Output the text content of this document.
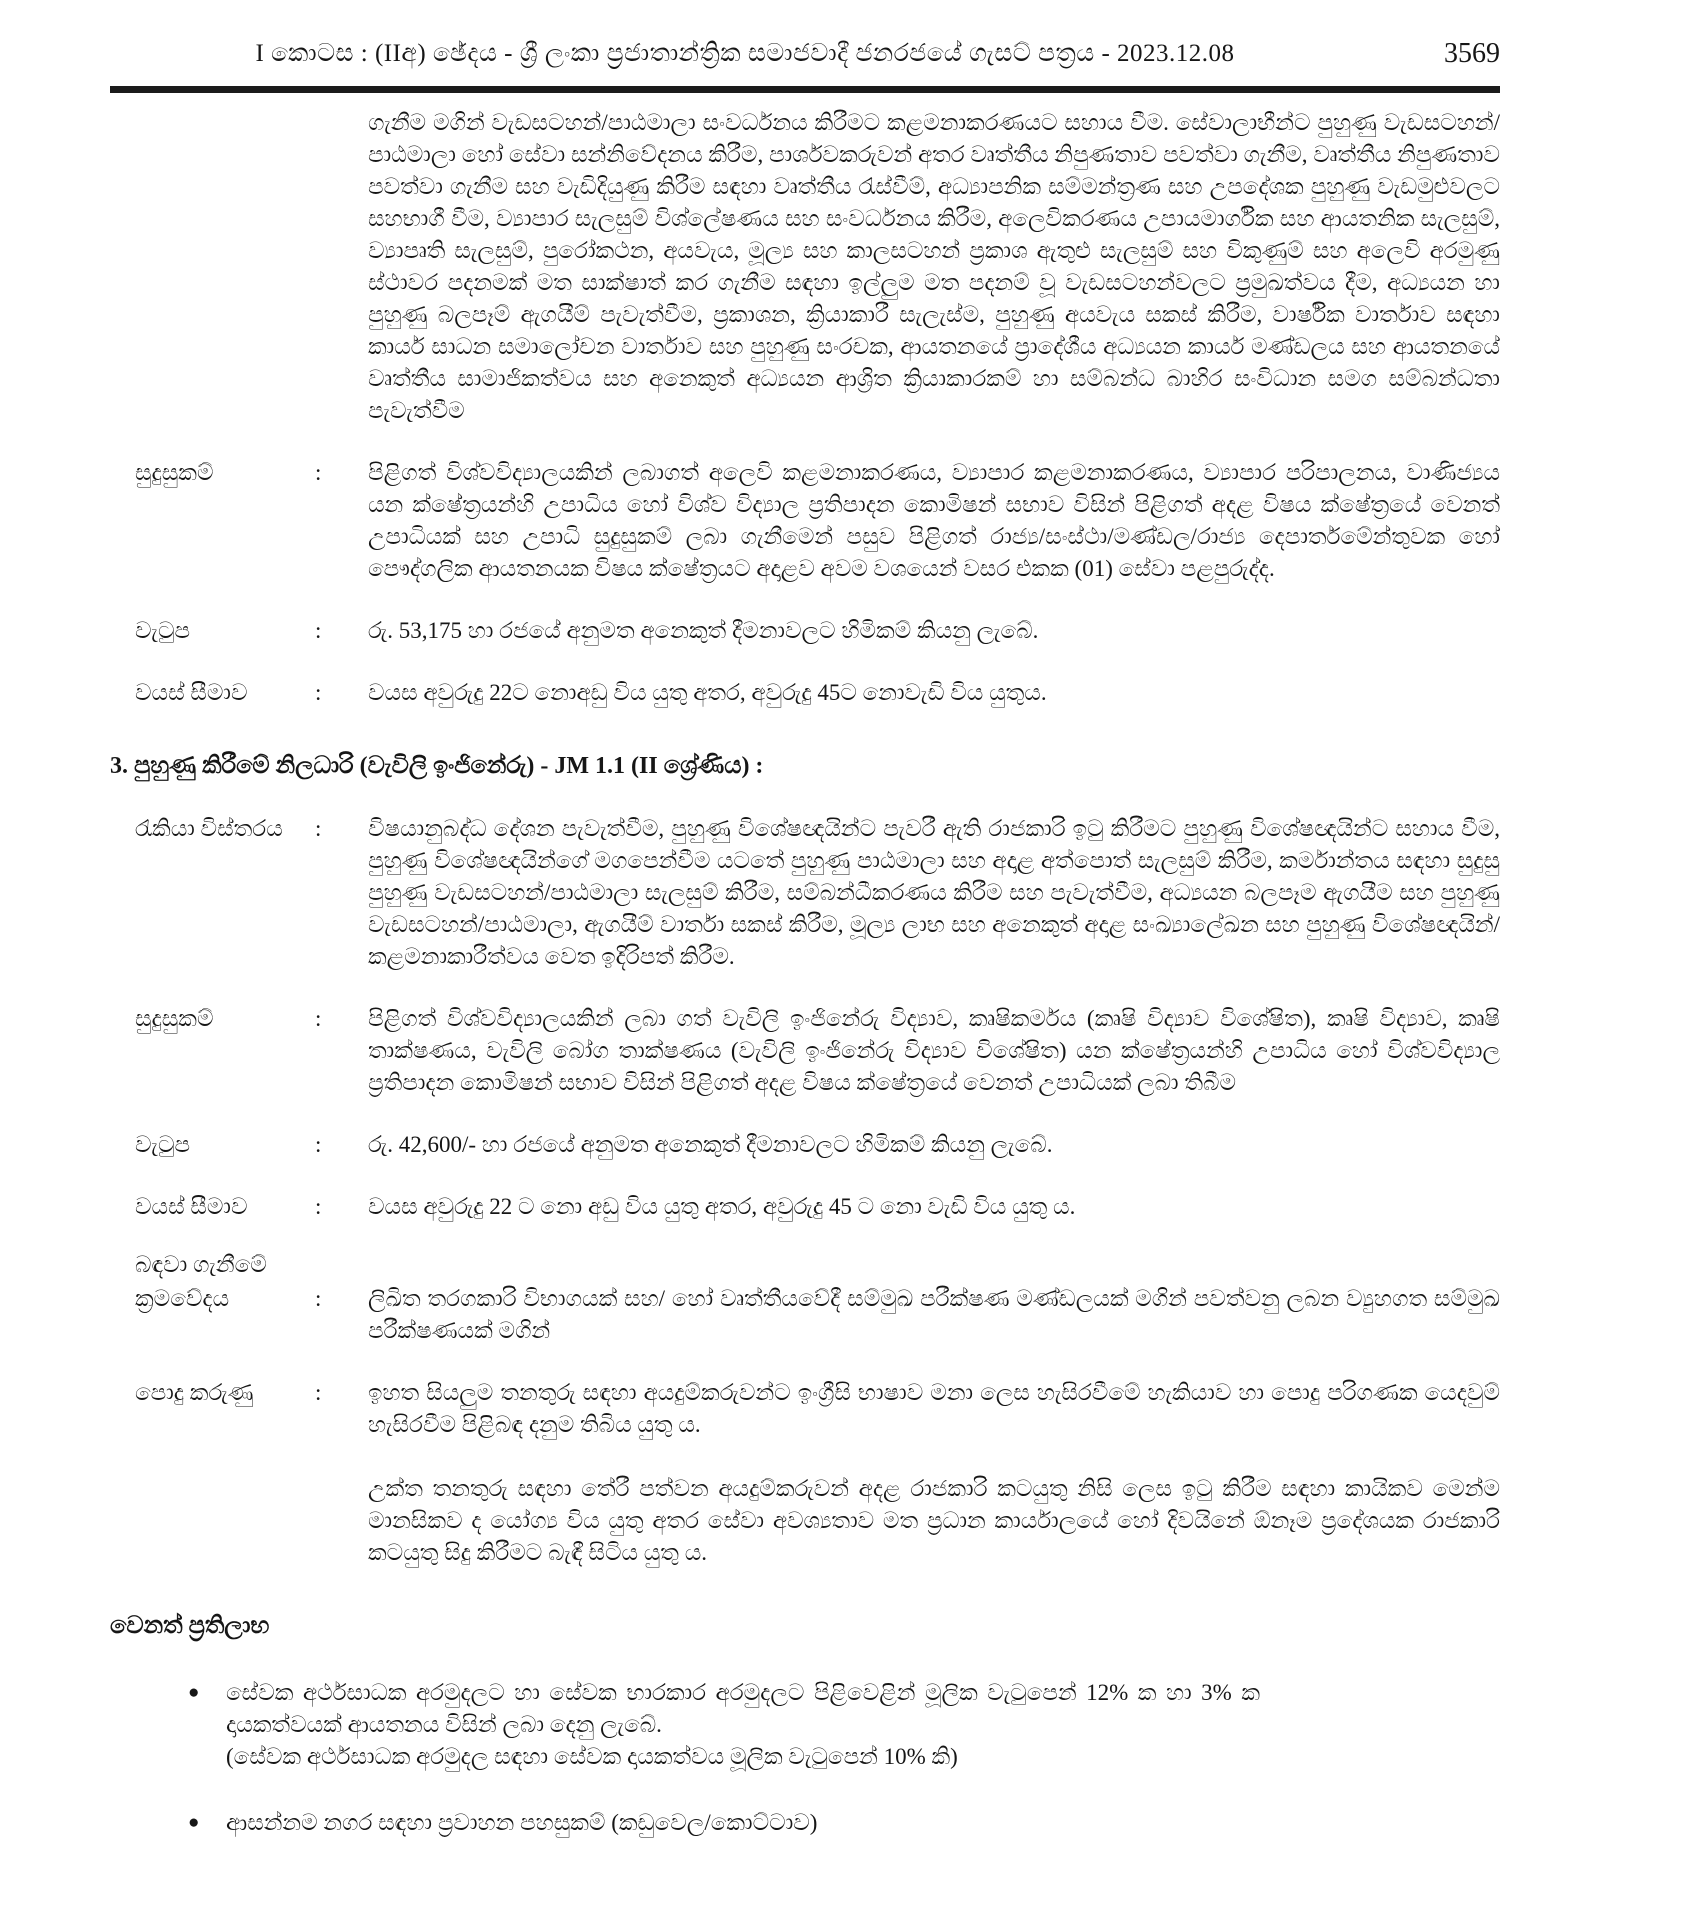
I කොටස : (IIඅ) ඡේදය - ශ්‍රී ලංකා ප්‍රජාතාන්ත්‍රික සමාජවාදී ජනරජයේ ගැසට් පත්‍රය - 2023.12.08	3569

ගැනීම මගින් වැඩසටහන්/පාඨමාලා සංවර්ධනය කිරීමට කළමනාකරණයට සහාය වීම. සේවාලාභීන්ට පුහුණු වැඩසටහන්/පාඨමාලා හෝ සේවා සන්නිවේදනය කිරීම, පාර්ශවකරුවන් අතර වෘත්තීය නිපුණතාව පවත්වා ගැනීම, වෘත්තීය නිපුණතාව පවත්වා ගැනීම සහ වැඩිදියුණු කිරීම සඳහා වෘත්තීය රැස්වීම්, අධ්‍යාපනික සම්මන්ත්‍රණ සහ උපදේශක පුහුණු වැඩමුළුවලට සහභාගී වීම, ව්‍යාපාර සැලසුම් විශ්ලේෂණය සහ සංවර්ධනය කිරීම, අලෙවිකරණය උපායමාර්ගික සහ ආයතනික සැලසුම්, ව්‍යාපෘති සැලසුම්, පුරෝකථන, අයවැය, මූල්‍ය සහ කාලසටහන් ප්‍රකාශ ඇතුළු සැලසුම් සහ විකුණුම් සහ අලෙවි අරමුණු ස්ථාවර පදනමක් මත සාක්ෂාත් කර ගැනීම සඳහා ඉල්ලුම මත පදනම් වූ වැඩසටහන්වලට ප්‍රමුඛත්වය දීම, අධ්‍යයන හා පුහුණු බලපෑම් ඇගයීම් පැවැත්වීම, ප්‍රකාශන, ක්‍රියාකාරී සැලැස්ම, පුහුණු අයවැය සකස් කිරීම, වාර්ෂික වාර්තාව සඳහා කාර්ය සාධන සමාලෝචන වාර්තාව සහ පුහුණු සංරචක, ආයතනයේ ප්‍රාදේශීය අධ්‍යයන කාර්ය මණ්ඩලය සහ ආයතනයේ වෘත්තීය සාමාජිකත්වය සහ අනෙකුත් අධ්‍යයන ආශ්‍රිත ක්‍රියාකාරකම් හා සම්බන්ධ බාහිර සංවිධාන සමග සම්බන්ධතා පැවැත්වීම

සුදුසුකම්	:	පිළිගත් විශ්වවිද්‍යාලයකින් ලබාගත් අලෙවි කළමනාකරණය, ව්‍යාපාර කළමනාකරණය, ව්‍යාපාර පරිපාලනය, වාණිජ්‍යය යන ක්ෂේත්‍රයන්හි උපාධිය හෝ විශ්ව විද්‍යාල ප්‍රතිපාදන කොමිෂන් සභාව විසින් පිළිගත් අදළ විෂය ක්ෂේත්‍රයේ වෙනත් උපාධියක් සහ උපාධි සුදුසුකම් ලබා ගැනීමෙන් පසුව පිළිගත් රාජ්‍ය/සංස්ථා/මණ්ඩල/රාජ්‍ය දෙපාර්තමේන්තුවක හෝ පෞද්ගලික ආයතනයක විෂය ක්ෂේත්‍රයට අදාළව අවම වශයෙන් වසර එකක (01) සේවා පළපුරුද්ද.
වැටුප	:	රු. 53,175 හා රජයේ අනුමත අනෙකුත් දීමනාවලට හිමිකම් කියනු ලැබේ.
වයස් සීමාව	:	වයස අවුරුදු 22ට නොඅඩු විය යුතු අතර, අවුරුදු 45ට නොවැඩි විය යුතුය.
3. පුහුණු කිරීමේ නිලධාරි (වැවිලි ඉංජිනේරු) - JM 1.1 (II ශ්‍රේණිය) :
රැකියා විස්තරය	:	විෂයානුබද්ධ දේශන පැවැත්වීම, පුහුණු විශේෂඥයින්ට පැවරී ඇති රාජකාරි ඉටු කිරීමට පුහුණු විශේෂඥයින්ට සහාය වීම, පුහුණු විශේෂඥයින්ගේ මගපෙන්වීම යටතේ පුහුණු පාඨමාලා සහ අදාළ අත්පොත් සැලසුම් කිරීම, කර්මාන්තය සඳහා සුදුසු පුහුණු වැඩසටහන්/පාඨමාලා සැලසුම් කිරීම, සම්බන්ධීකරණය කිරීම සහ පැවැත්වීම, අධ්‍යයන බලපෑම ඇගයීම සහ පුහුණු වැඩසටහන්/පාඨමාලා, ඇගයීම් වාර්තා සකස් කිරීම, මූල්‍ය ලාභ සහ අනෙකුත් අදාළ සංඛ්‍යාලේඛන සහ පුහුණු විශේෂඥයින්/කළමනාකාරීත්වය වෙත ඉදිරිපත් කිරීම.
සුදුසුකම්	:	පිළිගත් විශ්වවිද්‍යාලයකින් ලබා ගත් වැවිලි ඉංජිනේරු විද්‍යාව, කෘෂිකර්මය (කෘෂි විද්‍යාව විශේෂිත), කෘෂි විද්‍යාව, කෘෂි තාක්ෂණය, වැවිලි බෝග තාක්ෂණය (වැවිලි ඉංජිනේරු විද්‍යාව විශේෂිත) යන ක්ෂේත්‍රයන්හි උපාධිය හෝ විශ්වවිද්‍යාල ප්‍රතිපාදන කොමිෂන් සභාව විසින් පිළිගත් අදළ විෂය ක්ෂේත්‍රයේ වෙනත් උපාධියක් ලබා තිබීම
වැටුප	:	රු. 42,600/- හා රජයේ අනුමත අනෙකුත් දීමනාවලට හිමිකම් කියනු ලැබේ.
වයස් සීමාව	:	වයස අවුරුදු 22 ට නො අඩු විය යුතු අතර, අවුරුදු 45 ට නො වැඩි විය යුතු ය.
බඳවා ගැනීමේ
ක්‍රමවේදය	:	ලිඛිත තරගකාරි විභාගයක් සහ/ හෝ වෘත්තීයවේදී සම්මුඛ පරීක්ෂණ මණ්ඩලයක් මගින් පවත්වනු ලබන ව්‍යුහගත සම්මුඛ පරීක්ෂණයක් මගින්
පොදු කරුණු	:	ඉහත සියලුම තනතුරු සඳහා අයදුම්කරුවන්ට ඉංග්‍රීසි භාෂාව මනා ලෙස හැසිරවීමේ හැකියාව හා පොදු පරිගණක යෙදවුම් හැසිරවීම පිළිබඳ දනුම තිබිය යුතු ය.

උක්ත තනතුරු සඳහා තේරී පත්වන අයදුම්කරුවන් අදළ රාජකාරි කටයුතු නිසි ලෙස ඉටු කිරීම සඳහා කායිකව මෙන්ම මානසිකව ද යෝග්‍ය විය යුතු අතර සේවා අවශ්‍යතාව මත ප්‍රධාන කාර්යාලයේ හෝ දිවයිනේ ඕනෑම ප්‍රදේශයක රාජකාරි කටයුතු සිදු කිරීමට බැඳී සිටිය යුතු ය.

වෙනත් ප්‍රතිලාභ
●	සේවක අර්ථසාධක අරමුදලට හා සේවක භාරකාර අරමුදලට පිළිවෙළින් මූලික වැටුපෙන් 12% ක හා 3% ක දායකත්වයක් ආයතනය විසින් ලබා දෙනු ලැබේ.

(සේවක අර්ථසාධක අරමුදල සඳහා සේවක දායකත්වය මූලික වැටුපෙන් 10% කි)

●	ආසන්නම නගර සඳහා ප්‍රවාහන පහසුකම් (කඩුවෙල/කොට්ටාව)
